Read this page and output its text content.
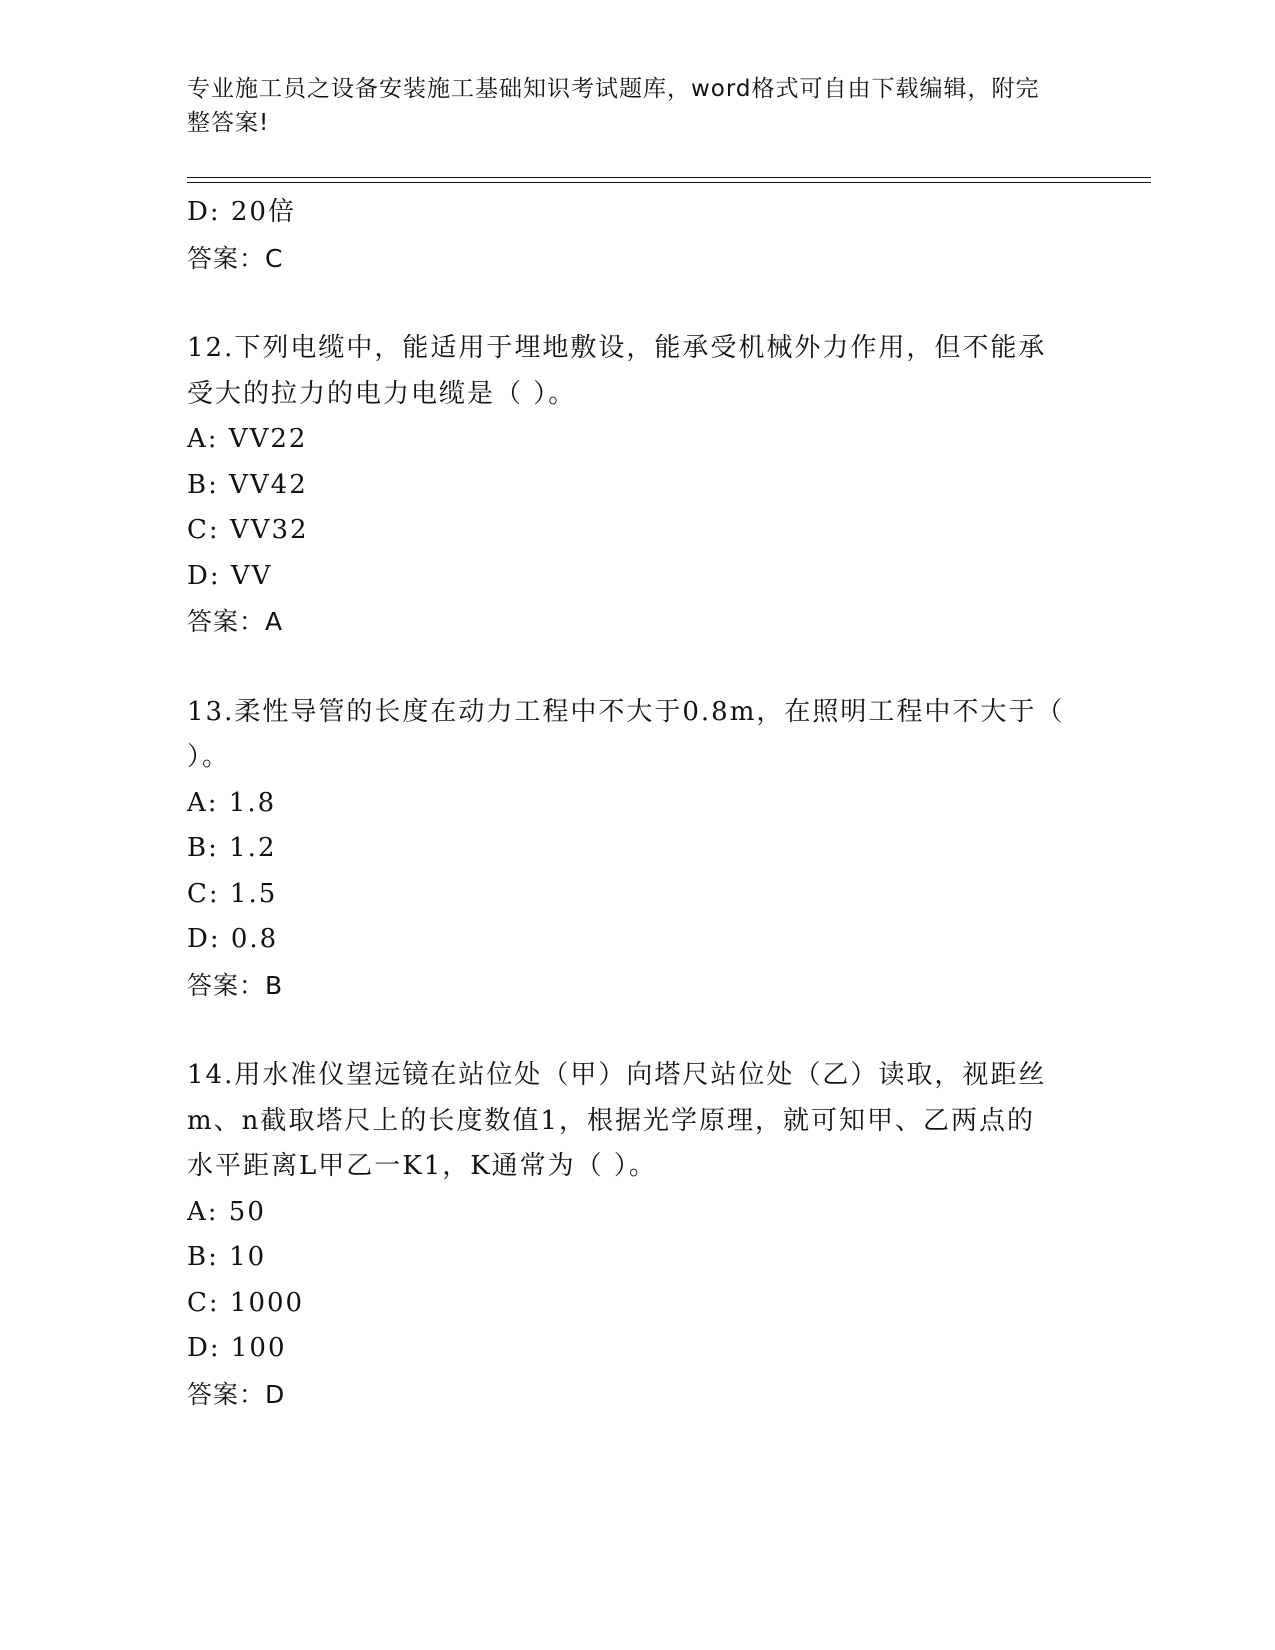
专业施工员之设备安装施工基础知识考试题库，word格式可自由下载编辑，附完
整答案!
D: 20倍
答案：C
12.下列电缆中，能适用于埋地敷设，能承受机械外力作用，但不能承
受大的拉力的电力电缆是（ ）。
A: VV22
B: VV42
C: VV32
D: VV
答案：A
13.柔性导管的长度在动力工程中不大于0.8m，在照明工程中不大于（
）。
A: 1.8
B: 1.2
C: 1.5
D: 0.8
答案：B
14.用水准仪望远镜在站位处（甲）向塔尺站位处（乙）读取，视距丝
m、n截取塔尺上的长度数值1，根据光学原理，就可知甲、乙两点的
水平距离L甲乙一K1，K通常为（ ）。
A: 50
B: 10
C: 1000
D: 100
答案：D
